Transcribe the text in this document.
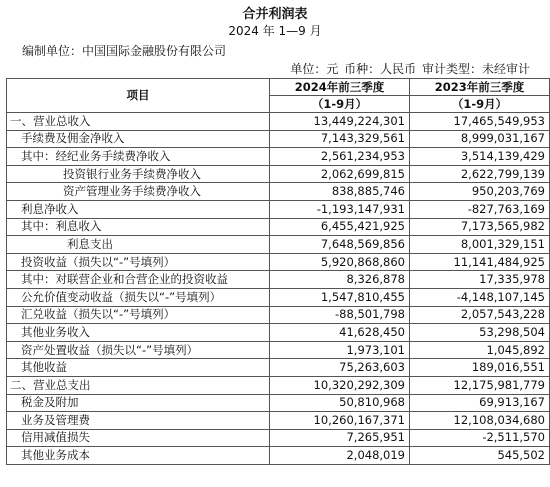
合并利润表
2024 年 1—9 月
编制单位：中国国际金融股份有限公司
单位：元 币种：人民币 审计类型：未经审计
项目	2024年前三季度	2023年前三季度
	（1-9月）	（1-9月）
一、营业总收入	13,449,224,301	17,465,549,953
手续费及佣金净收入	7,143,329,561	8,999,031,167
其中：经纪业务手续费净收入	2,561,234,953	3,514,139,429
投资银行业务手续费净收入	2,062,699,815	2,622,799,139
资产管理业务手续费净收入	838,885,746	950,203,769
利息净收入	-1,193,147,931	-827,763,169
其中：利息收入	6,455,421,925	7,173,565,982
利息支出	7,648,569,856	8,001,329,151
投资收益（损失以“-”号填列）	5,920,868,860	11,141,484,925
其中：对联营企业和合营企业的投资收益	8,326,878	17,335,978
公允价值变动收益（损失以“-”号填列）	1,547,810,455	-4,148,107,145
汇兑收益（损失以“-”号填列）	-88,501,798	2,057,543,228
其他业务收入	41,628,450	53,298,504
资产处置收益（损失以“-”号填列）	1,973,101	1,045,892
其他收益	75,263,603	189,016,551
二、营业总支出	10,320,292,309	12,175,981,779
税金及附加	50,810,968	69,913,167
业务及管理费	10,260,167,371	12,108,034,680
信用减值损失	7,265,951	-2,511,570
其他业务成本	2,048,019	545,502
